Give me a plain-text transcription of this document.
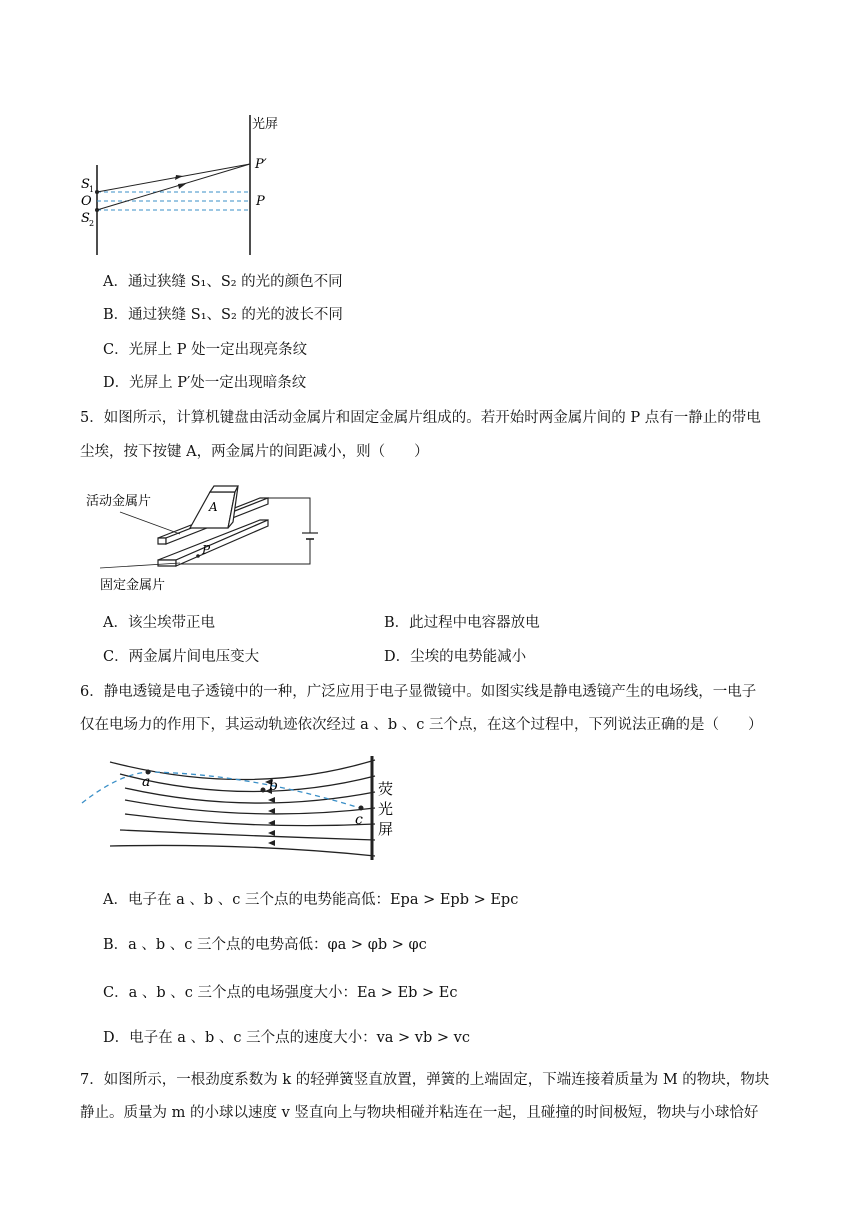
光屏
P′
P
S 1
O
S 2
A．通过狭缝 S₁、S₂ 的光的颜色不同
B．通过狭缝 S₁、S₂ 的光的波长不同
C．光屏上 P 处一定出现亮条纹
D．光屏上 P′处一定出现暗条纹
5．如图所示，计算机键盘由活动金属片和固定金属片组成的。若开始时两金属片间的 P 点有一静止的带电
尘埃，按下按键 A，两金属片的间距减小，则（　　）
A
P
活动金属片
固定金属片
A．该尘埃带正电	B．此过程中电容器放电
C．两金属片间电压变大	D．尘埃的电势能减小
6．静电透镜是电子透镜中的一种，广泛应用于电子显微镜中。如图实线是静电透镜产生的电场线，一电子
仅在电场力的作用下，其运动轨迹依次经过 a 、b 、c 三个点，在这个过程中，下列说法正确的是（　　）
a	b
c
荧
光
屏
A．电子在 a 、b 、c 三个点的电势能高低：Epa > Epb > Epc
B．a 、b 、c 三个点的电势高低：φa > φb > φc
C．a 、b 、c 三个点的电场强度大小：Ea > Eb > Ec
D．电子在 a 、b 、c 三个点的速度大小：va > vb > vc
7．如图所示，一根劲度系数为 k 的轻弹簧竖直放置，弹簧的上端固定，下端连接着质量为 M 的物块，物块
静止。质量为 m 的小球以速度 v 竖直向上与物块相碰并粘连在一起，且碰撞的时间极短，物块与小球恰好
